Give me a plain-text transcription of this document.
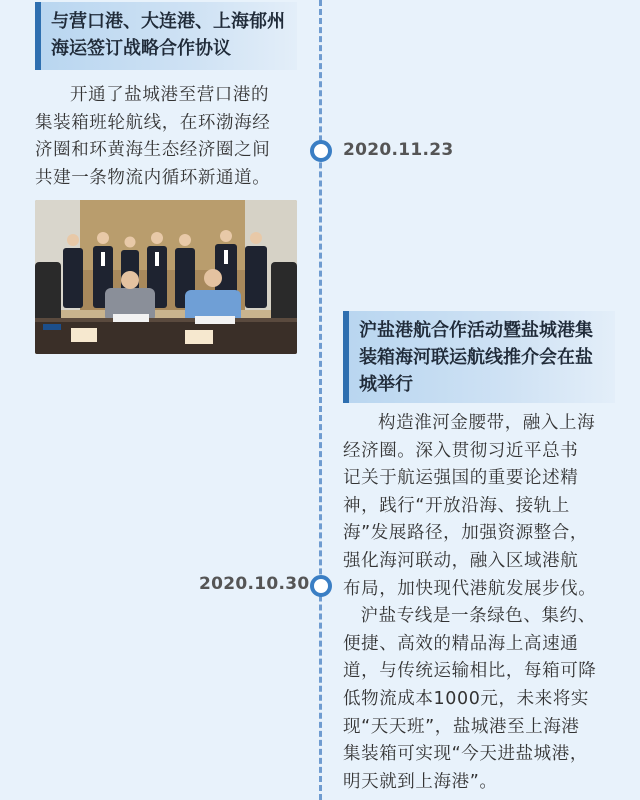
与营口港、大连港、上海郁州
海运签订战略合作协议
开通了盐城港至营口港的
集装箱班轮航线，在环渤海经
济圈和环黄海生态经济圈之间
共建一条物流内循环新通道。
2020.11.23
沪盐港航合作活动暨盐城港集
装箱海河联运航线推介会在盐
城举行
构造淮河金腰带，融入上海
经济圈。深入贯彻习近平总书
记关于航运强国的重要论述精
神，践行“开放沿海、接轨上
海”发展路径，加强资源整合，
强化海河联动，融入区域港航
布局，加快现代港航发展步伐。
沪盐专线是一条绿色、集约、
便捷、高效的精品海上高速通
道，与传统运输相比，每箱可降
低物流成本1000元，未来将实
现“天天班”，盐城港至上海港
集装箱可实现“今天进盐城港，
明天就到上海港”。
2020.10.30
